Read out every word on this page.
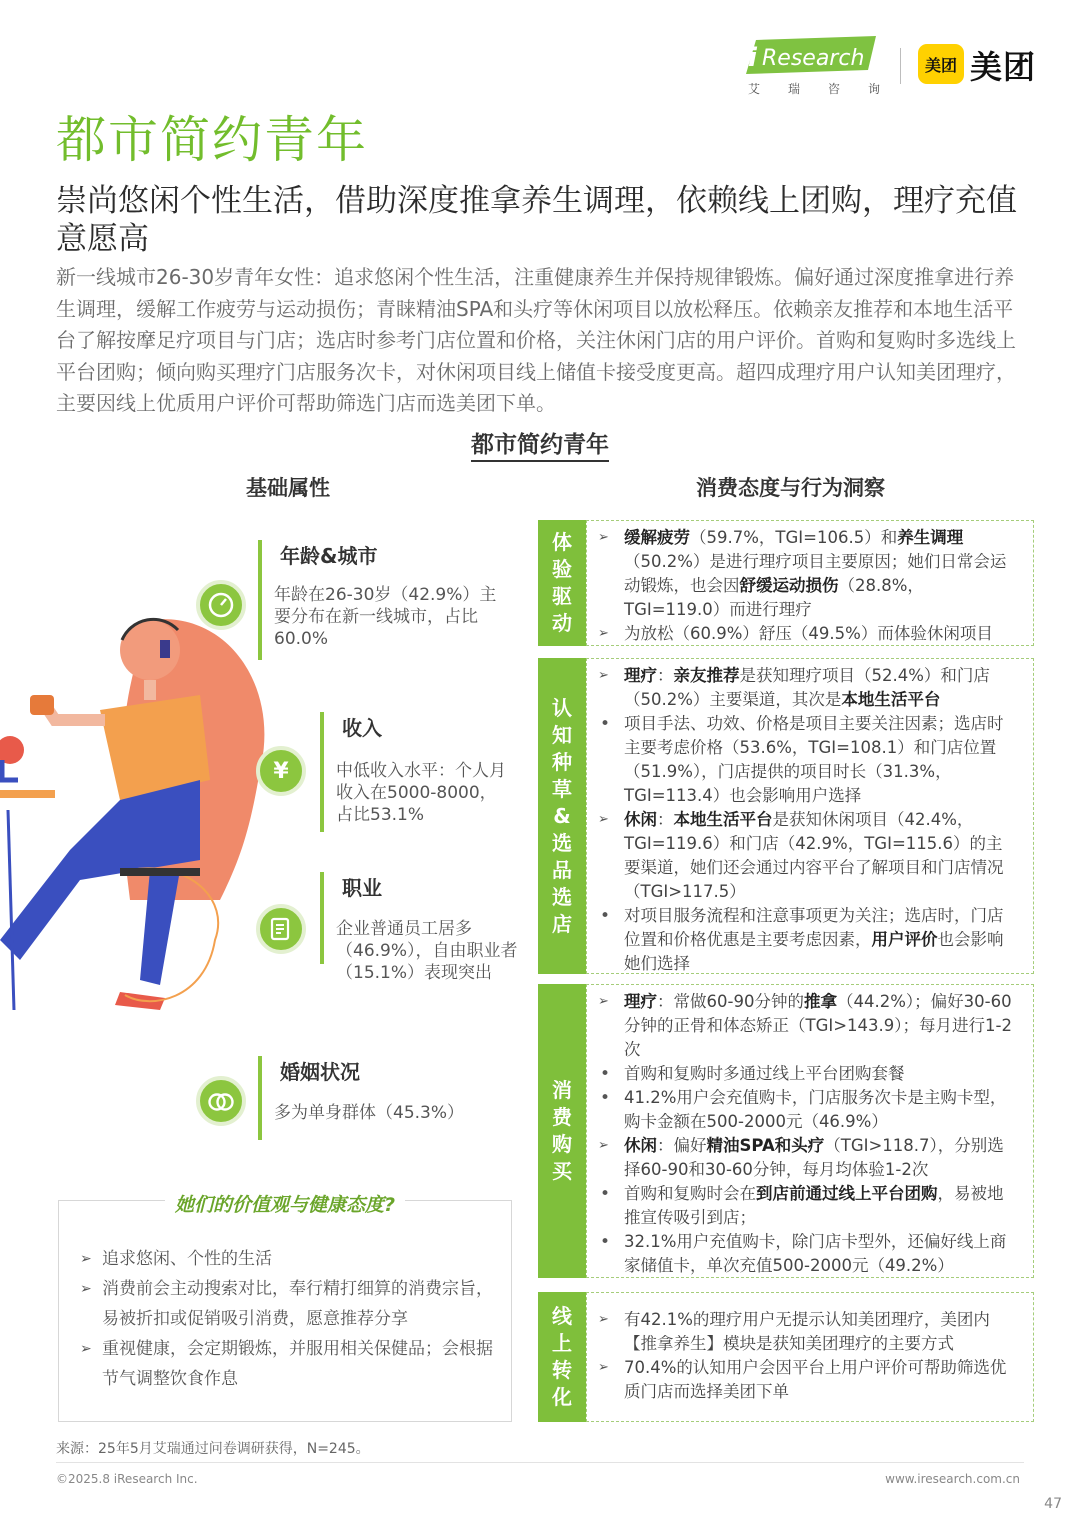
i Research
艾 瑞 咨 询
美团 美团
都市简约青年
崇尚悠闲个性生活，借助深度推拿养生调理，依赖线上团购，理疗充值意愿高
新一线城市26-30岁青年女性：追求悠闲个性生活，注重健康养生并保持规律锻炼。偏好通过深度推拿进行养生调理，缓解工作疲劳与运动损伤；青睐精油SPA和头疗等休闲项目以放松释压。依赖亲友推荐和本地生活平台了解按摩足疗项目与门店；选店时参考门店位置和价格，关注休闲门店的用户评价。首购和复购时多选线上平台团购；倾向购买理疗门店服务次卡，对休闲项目线上储值卡接受度更高。超四成理疗用户认知美团理疗，主要因线上优质用户评价可帮助筛选门店而选美团下单。
都市简约青年
基础属性	消费态度与行为洞察
年龄&城市
年龄在26-30岁（42.9%）主要分布在新一线城市，占比60.0%
¥
收入
中低收入水平：个人月收入在5000-8000，占比53.1%
职业
企业普通员工居多（46.9%），自由职业者（15.1%）表现突出
婚姻状况
多为单身群体（45.3%）
她们的价值观与健康态度?
➢ 追求悠闲、个性的生活
➢ 消费前会主动搜索对比，奉行精打细算的消费宗旨，易被折扣或促销吸引消费，愿意推荐分享
➢ 重视健康，会定期锻炼，并服用相关保健品；会根据节气调整饮食作息
体
验
驱
动
➢ 缓解疲劳（59.7%，TGI=106.5）和养生调理（50.2%）是进行理疗项目主要原因；她们日常会运动锻炼，也会因舒缓运动损伤（28.8%，TGI=119.0）而进行理疗
➢ 为放松（60.9%）舒压（49.5%）而体验休闲项目
认
知
种
草
&
选
品
选
店
➢ 理疗：亲友推荐是获知理疗项目（52.4%）和门店（50.2%）主要渠道，其次是本地生活平台
• 项目手法、功效、价格是项目主要关注因素；选店时主要考虑价格（53.6%，TGI=108.1）和门店位置（51.9%），门店提供的项目时长（31.3%，TGI=113.4）也会影响用户选择
➢ 休闲：本地生活平台是获知休闲项目（42.4%，TGI=119.6）和门店（42.9%，TGI=115.6）的主要渠道，她们还会通过内容平台了解项目和门店情况（TGI>117.5）
• 对项目服务流程和注意事项更为关注；选店时，门店位置和价格优惠是主要考虑因素，用户评价也会影响她们选择
消
费
购
买
➢ 理疗：常做60-90分钟的推拿（44.2%）；偏好30-60分钟的正骨和体态矫正（TGI>143.9）；每月进行1-2次
• 首购和复购时多通过线上平台团购套餐
• 41.2%用户会充值购卡，门店服务次卡是主购卡型，购卡金额在500-2000元（46.9%）
➢ 休闲：偏好精油SPA和头疗（TGI>118.7），分别选择60-90和30-60分钟，每月均体验1-2次
• 首购和复购时会在到店前通过线上平台团购，易被地推宣传吸引到店；
• 32.1%用户充值购卡，除门店卡型外，还偏好线上商家储值卡，单次充值500-2000元（49.2%）
线
上
转
化
➢ 有42.1%的理疗用户无提示认知美团理疗，美团内【推拿养生】模块是获知美团理疗的主要方式
➢ 70.4%的认知用户会因平台上用户评价可帮助筛选优质门店而选择美团下单
来源：25年5月艾瑞通过问卷调研获得，N=245。
©2025.8 iResearch Inc.	www.iresearch.com.cn
47
